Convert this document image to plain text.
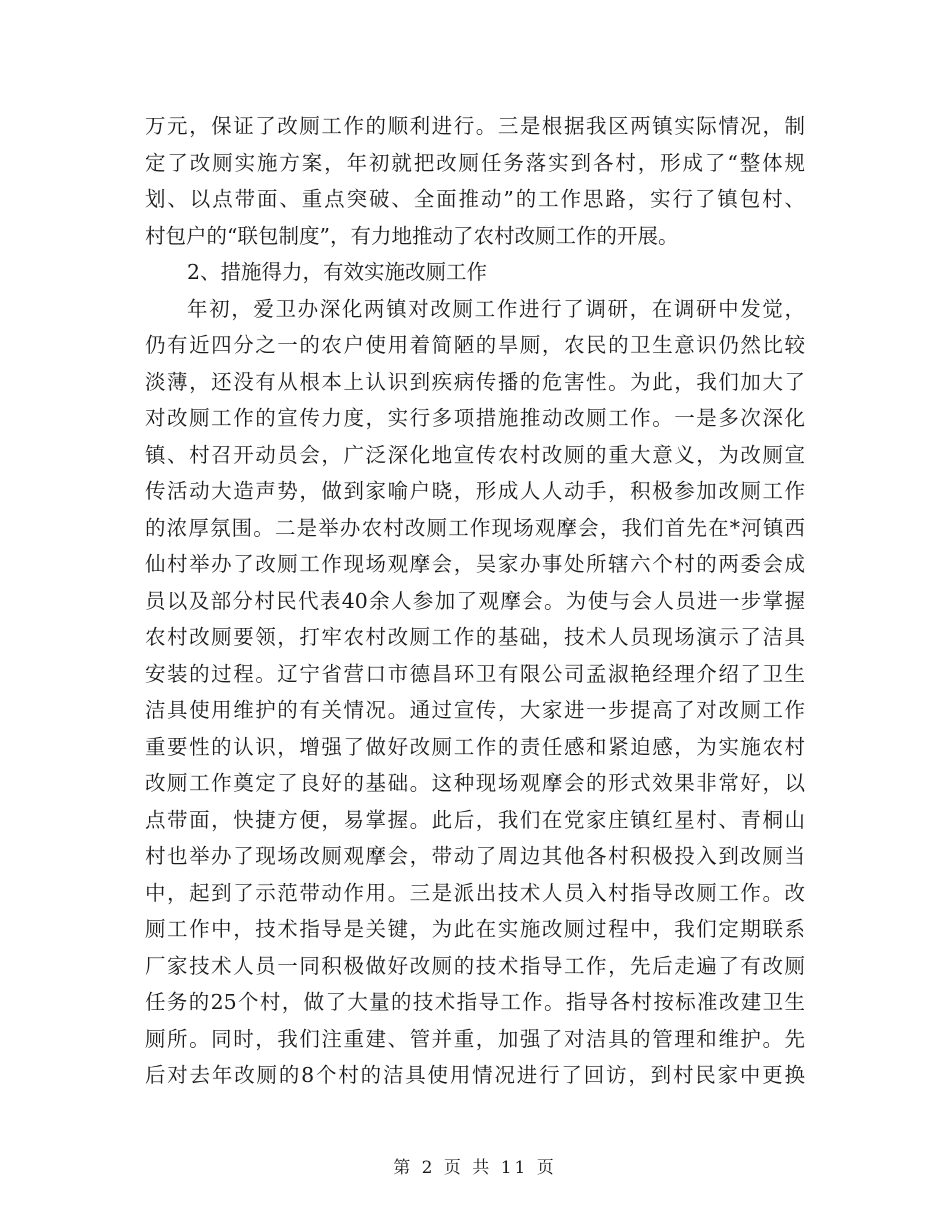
万元，保证了改厕工作的顺利进行。三是根据我区两镇实际情况，制
定了改厕实施方案，年初就把改厕任务落实到各村，形成了“整体规
划、以点带面、重点突破、全面推动”的工作思路，实行了镇包村、
村包户的“联包制度”，有力地推动了农村改厕工作的开展。
2、措施得力，有效实施改厕工作
年初，爱卫办深化两镇对改厕工作进行了调研，在调研中发觉，
仍有近四分之一的农户使用着简陋的旱厕，农民的卫生意识仍然比较
淡薄，还没有从根本上认识到疾病传播的危害性。为此，我们加大了
对改厕工作的宣传力度，实行多项措施推动改厕工作。一是多次深化
镇、村召开动员会，广泛深化地宣传农村改厕的重大意义，为改厕宣
传活动大造声势，做到家喻户晓，形成人人动手，积极参加改厕工作
的浓厚氛围。二是举办农村改厕工作现场观摩会，我们首先在*河镇西
仙村举办了改厕工作现场观摩会，吴家办事处所辖六个村的两委会成
员以及部分村民代表40余人参加了观摩会。为使与会人员进一步掌握
农村改厕要领，打牢农村改厕工作的基础，技术人员现场演示了洁具
安装的过程。辽宁省营口市德昌环卫有限公司孟淑艳经理介绍了卫生
洁具使用维护的有关情况。通过宣传，大家进一步提高了对改厕工作
重要性的认识，增强了做好改厕工作的责任感和紧迫感，为实施农村
改厕工作奠定了良好的基础。这种现场观摩会的形式效果非常好，以
点带面，快捷方便，易掌握。此后，我们在党家庄镇红星村、青桐山
村也举办了现场改厕观摩会，带动了周边其他各村积极投入到改厕当
中，起到了示范带动作用。三是派出技术人员入村指导改厕工作。改
厕工作中，技术指导是关键，为此在实施改厕过程中，我们定期联系
厂家技术人员一同积极做好改厕的技术指导工作，先后走遍了有改厕
任务的25个村，做了大量的技术指导工作。指导各村按标准改建卫生
厕所。同时，我们注重建、管并重，加强了对洁具的管理和维护。先
后对去年改厕的8个村的洁具使用情况进行了回访，到村民家中更换
第 2 页 共 11 页
